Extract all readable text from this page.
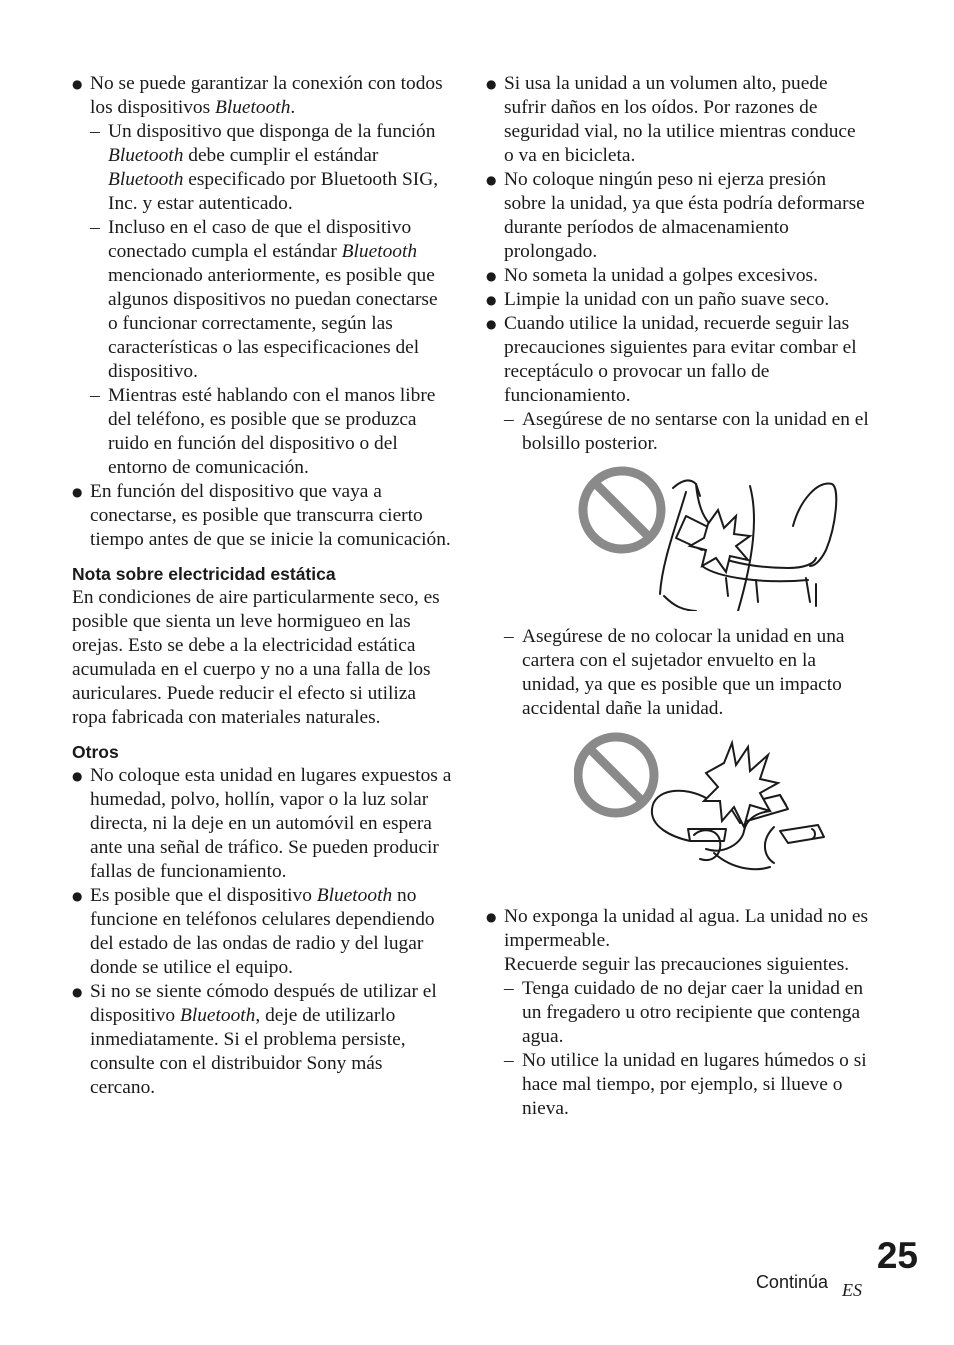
● No se puede garantizar la conexión con todos los dispositivos Bluetooth.

– Un dispositivo que disponga de la función Bluetooth debe cumplir el estándar Bluetooth especificado por Bluetooth SIG, Inc. y estar autenticado.
– Incluso en el caso de que el dispositivo conectado cumpla el estándar Bluetooth mencionado anteriormente, es posible que algunos dispositivos no puedan conectarse o funcionar correctamente, según las características o las especificaciones del dispositivo.
– Mientras esté hablando con el manos libre del teléfono, es posible que se produzca ruido en función del dispositivo o del entorno de comunicación.
● En función del dispositivo que vaya a conectarse, es posible que transcurra cierto tiempo antes de que se inicie la comunicación.
Nota sobre electricidad estática

En condiciones de aire particularmente seco, es posible que sienta un leve hormigueo en las orejas. Esto se debe a la electricidad estática acumulada en el cuerpo y no a una falla de los auriculares. Puede reducir el efecto si utiliza ropa fabricada con materiales naturales.

Otros
● No coloque esta unidad en lugares expuestos a humedad, polvo, hollín, vapor o la luz solar directa, ni la deje en un automóvil en espera ante una señal de tráfico. Se pueden producir fallas de funcionamiento.
● Es posible que el dispositivo Bluetooth no funcione en teléfonos celulares dependiendo del estado de las ondas de radio y del lugar donde se utilice el equipo.
● Si no se siente cómodo después de utilizar el dispositivo Bluetooth, deje de utilizarlo inmediatamente. Si el problema persiste, consulte con el distribuidor Sony más cercano.
● Si usa la unidad a un volumen alto, puede sufrir daños en los oídos. Por razones de seguridad vial, no la utilice mientras conduce o va en bicicleta.
● No coloque ningún peso ni ejerza presión sobre la unidad, ya que ésta podría deformarse durante períodos de almacenamiento prolongado.
● No someta la unidad a golpes excesivos.
● Limpie la unidad con un paño suave seco.

● Cuando utilice la unidad, recuerde seguir las precauciones siguientes para evitar combar el receptáculo o provocar un fallo de funcionamiento.

– Asegúrese de no sentarse con la unidad en el bolsillo posterior.
– Asegúrese de no colocar la unidad en una cartera con el sujetador envuelto en la unidad, ya que es posible que un impacto accidental dañe la unidad.

● No exponga la unidad al agua. La unidad no es impermeable.

Recuerde seguir las precauciones siguientes.

– Tenga cuidado de no dejar caer la unidad en un fregadero u otro recipiente que contenga agua.
– No utilice la unidad en lugares húmedos o si hace mal tiempo, por ejemplo, si llueve o nieva.
Continúa
25
ES
